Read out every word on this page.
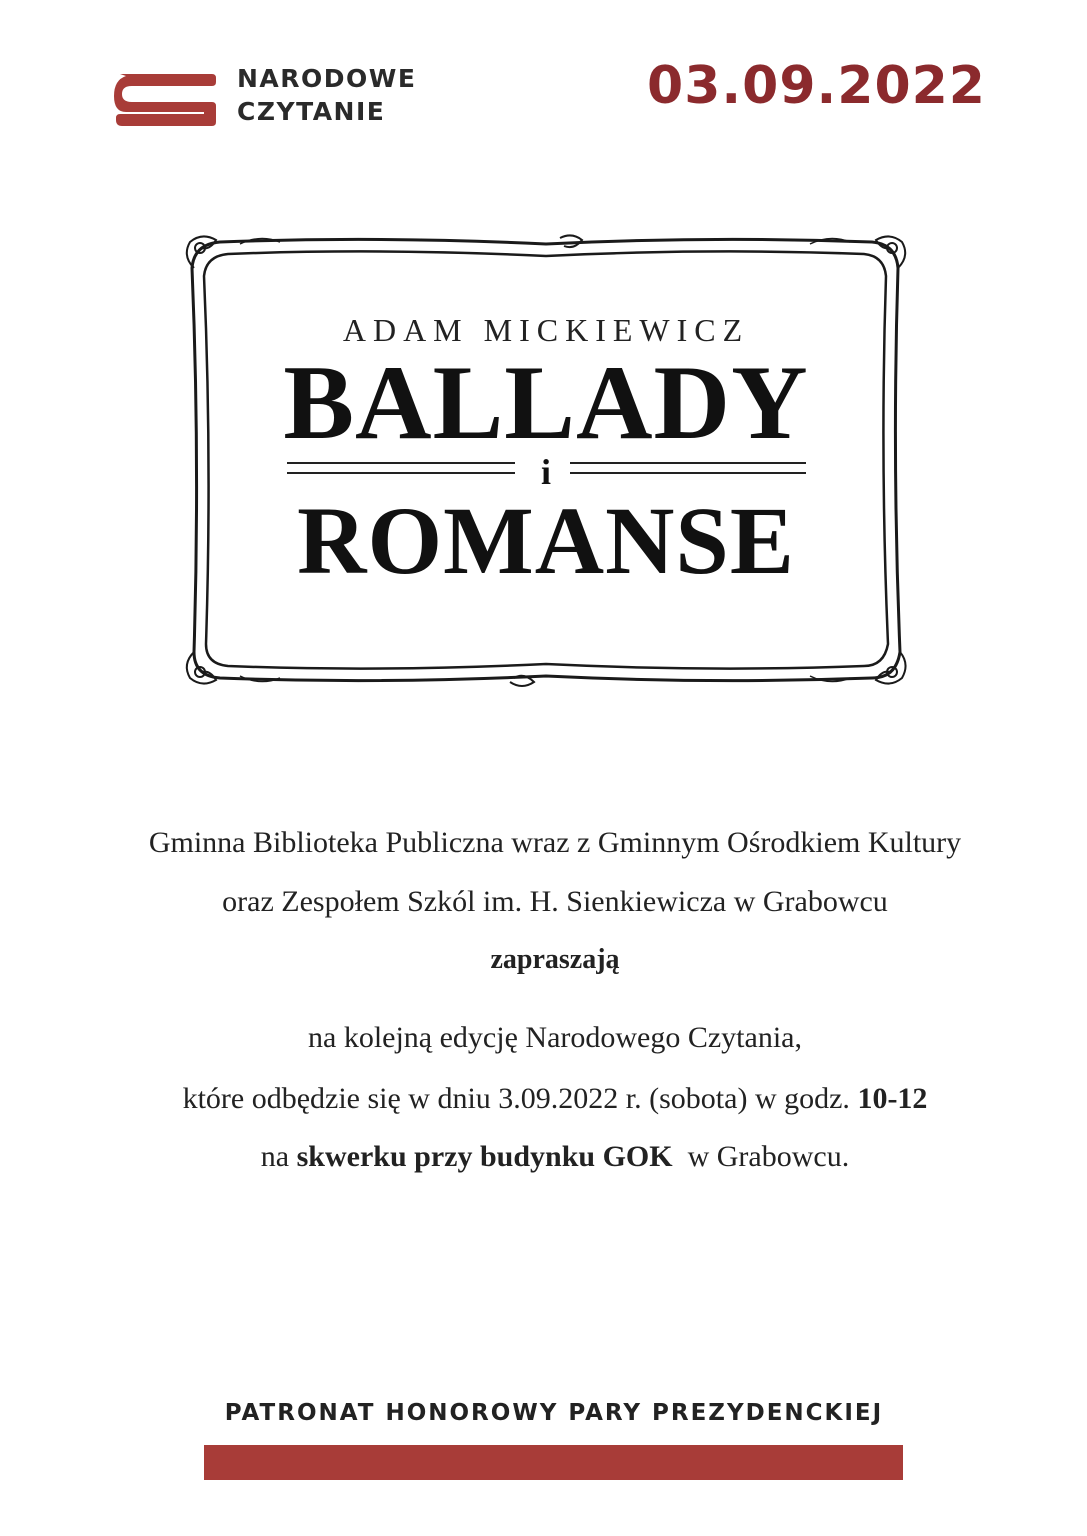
NARODOWE
CZYTANIE	03.09.2022
ADAM MICKIEWICZ
BALLADY
i
ROMANSE
Gminna Biblioteka Publiczna wraz z Gminnym Ośrodkiem Kultury
oraz Zespołem Szkól im. H. Sienkiewicza w Grabowcu
zapraszają
na kolejną edycję Narodowego Czytania,
które odbędzie się w dniu 3.09.2022 r. (sobota) w godz. 10-12
na skwerku przy budynku GOK  w Grabowcu.
PATRONAT HONOROWY PARY PREZYDENCKIEJ
